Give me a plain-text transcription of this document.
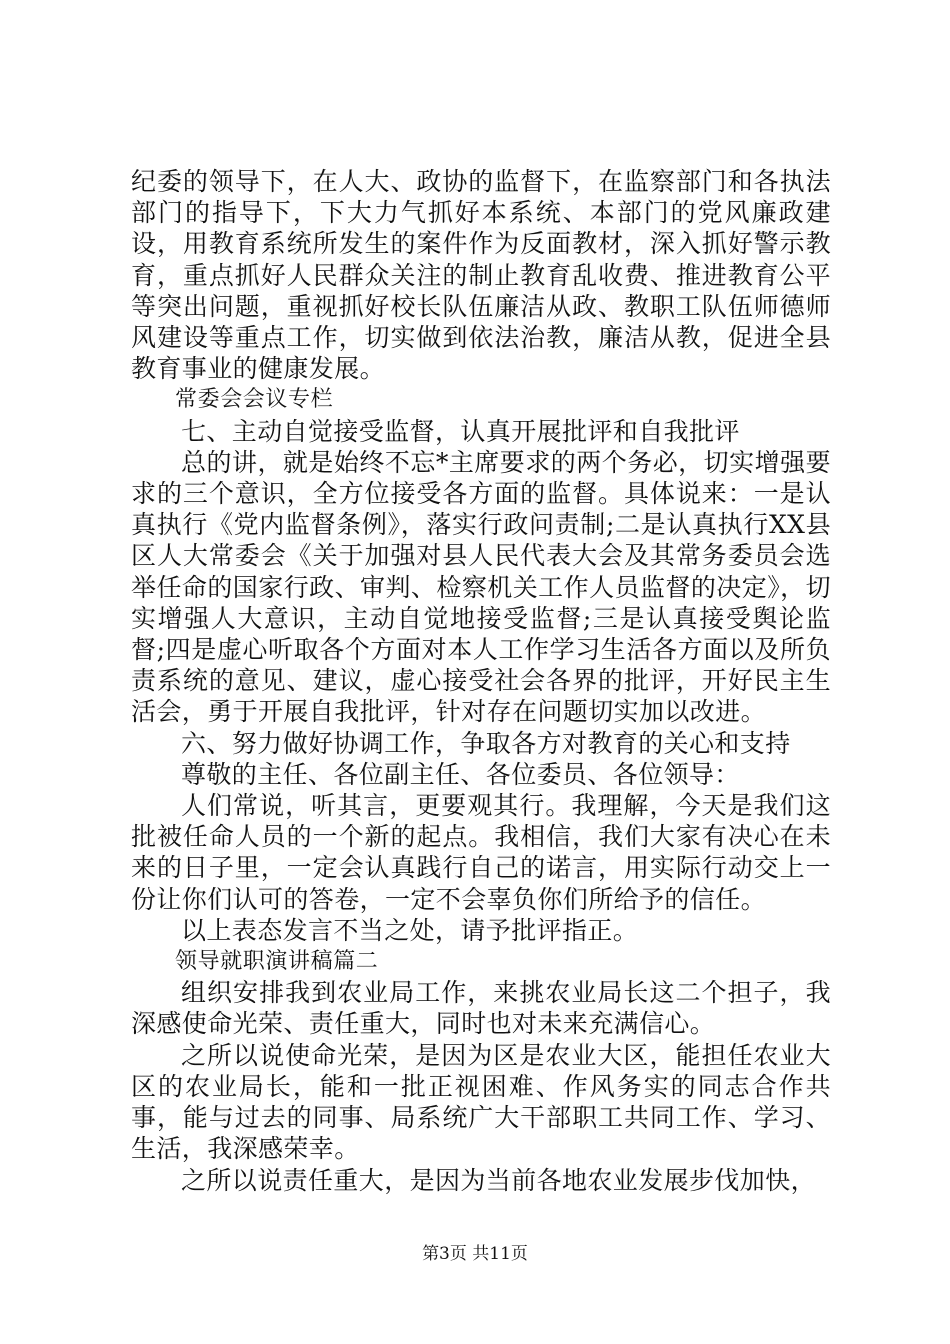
纪委的领导下，在人大、政协的监督下，在监察部门和各执法部门的指导下，下大力气抓好本系统、本部门的党风廉政建设，用教育系统所发生的案件作为反面教材，深入抓好警示教育，重点抓好人民群众关注的制止教育乱收费、推进教育公平等突出问题，重视抓好校长队伍廉洁从政、教职工队伍师德师风建设等重点工作，切实做到依法治教，廉洁从教，促进全县教育事业的健康发展。

常委会会议专栏

七、主动自觉接受监督，认真开展批评和自我批评

总的讲，就是始终不忘*主席要求的两个务必，切实增强要求的三个意识，全方位接受各方面的监督。具体说来：一是认真执行《党内监督条例》，落实行政问责制;二是认真执行XX县区人大常委会《关于加强对县人民代表大会及其常务委员会选举任命的国家行政、审判、检察机关工作人员监督的决定》，切实增强人大意识，主动自觉地接受监督;三是认真接受舆论监督;四是虚心听取各个方面对本人工作学习生活各方面以及所负责系统的意见、建议，虚心接受社会各界的批评，开好民主生活会，勇于开展自我批评，针对存在问题切实加以改进。

六、努力做好协调工作，争取各方对教育的关心和支持

尊敬的主任、各位副主任、各位委员、各位领导：

人们常说，听其言，更要观其行。我理解，今天是我们这批被任命人员的一个新的起点。我相信，我们大家有决心在未来的日子里，一定会认真践行自己的诺言，用实际行动交上一份让你们认可的答卷，一定不会辜负你们所给予的信任。

以上表态发言不当之处，请予批评指正。

领导就职演讲稿篇二

组织安排我到农业局工作，来挑农业局长这二个担子，我深感使命光荣、责任重大，同时也对未来充满信心。

之所以说使命光荣，是因为区是农业大区，能担任农业大区的农业局长，能和一批正视困难、作风务实的同志合作共事，能与过去的同事、局系统广大干部职工共同工作、学习、生活，我深感荣幸。

之所以说责任重大，是因为当前各地农业发展步伐加快，

第3页 共11页
